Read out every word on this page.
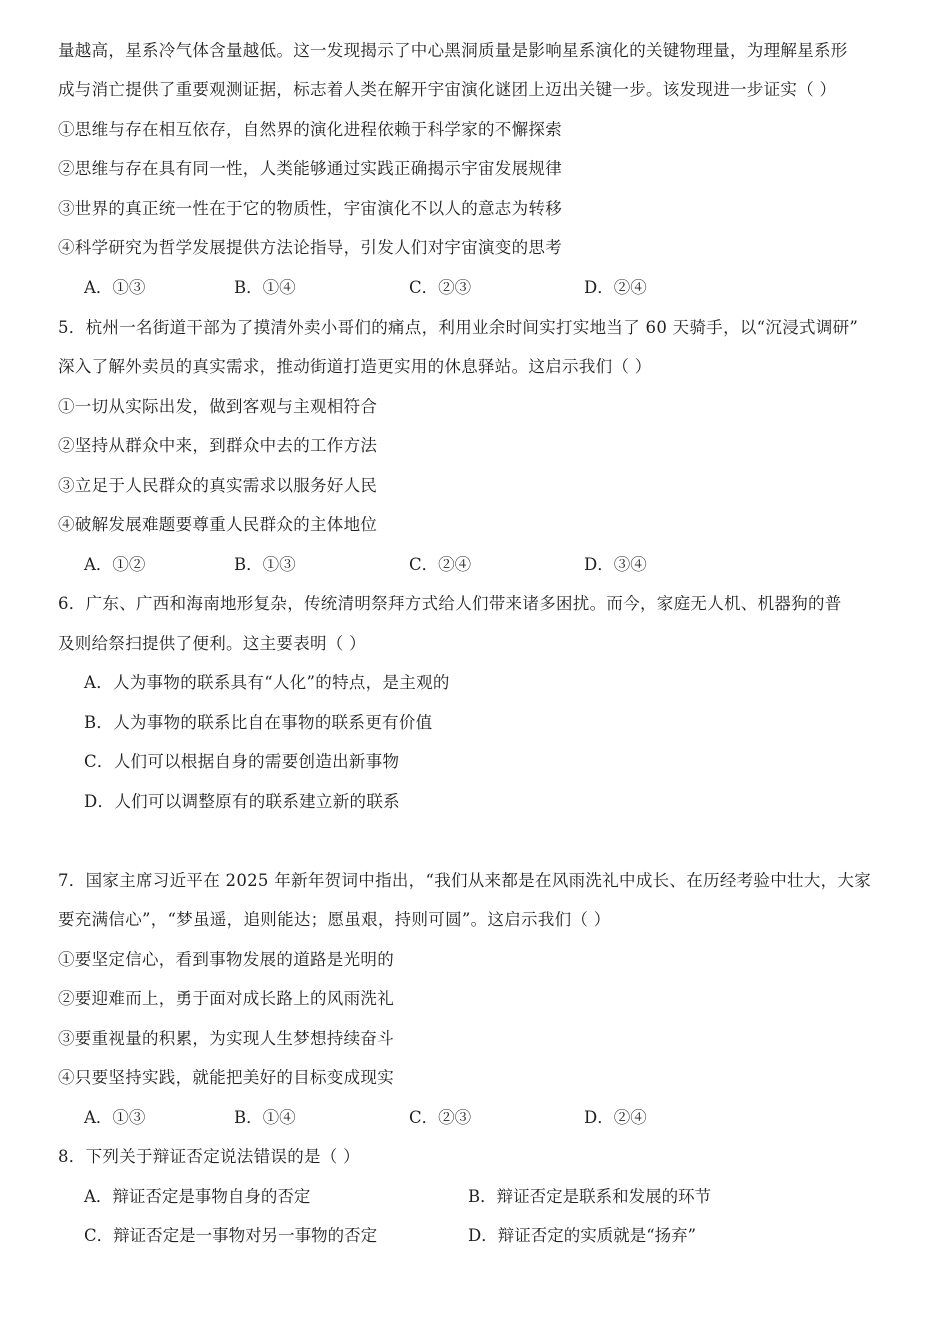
量越高，星系冷气体含量越低。这一发现揭示了中心黑洞质量是影响星系演化的关键物理量，为理解星系形
成与消亡提供了重要观测证据，标志着人类在解开宇宙演化谜团上迈出关键一步。该发现进一步证实（ ）
①思维与存在相互依存，自然界的演化进程依赖于科学家的不懈探索
②思维与存在具有同一性，人类能够通过实践正确揭示宇宙发展规律
③世界的真正统一性在于它的物质性，宇宙演化不以人的意志为转移
④科学研究为哲学发展提供方法论指导，引发人们对宇宙演变的思考
A．①③	B．①④	C．②③	D．②④
5．杭州一名街道干部为了摸清外卖小哥们的痛点，利用业余时间实打实地当了 60 天骑手，以“沉浸式调研”
深入了解外卖员的真实需求，推动街道打造更实用的休息驿站。这启示我们（ ）
①一切从实际出发，做到客观与主观相符合
②坚持从群众中来，到群众中去的工作方法
③立足于人民群众的真实需求以服务好人民
④破解发展难题要尊重人民群众的主体地位
A．①②	B．①③	C．②④	D．③④
6．广东、广西和海南地形复杂，传统清明祭拜方式给人们带来诸多困扰。而今，家庭无人机、机器狗的普
及则给祭扫提供了便利。这主要表明（ ）
A．人为事物的联系具有“人化”的特点，是主观的
B．人为事物的联系比自在事物的联系更有价值
C．人们可以根据自身的需要创造出新事物
D．人们可以调整原有的联系建立新的联系
7．国家主席习近平在 2025 年新年贺词中指出，“我们从来都是在风雨洗礼中成长、在历经考验中壮大，大家
要充满信心”，“梦虽遥，追则能达；愿虽艰，持则可圆”。这启示我们（ ）
①要坚定信心，看到事物发展的道路是光明的
②要迎难而上，勇于面对成长路上的风雨洗礼
③要重视量的积累，为实现人生梦想持续奋斗
④只要坚持实践，就能把美好的目标变成现实
A．①③	B．①④	C．②③	D．②④
8．下列关于辩证否定说法错误的是（ ）
A．辩证否定是事物自身的否定	B．辩证否定是联系和发展的环节
C．辩证否定是一事物对另一事物的否定	D．辩证否定的实质就是“扬弃”
